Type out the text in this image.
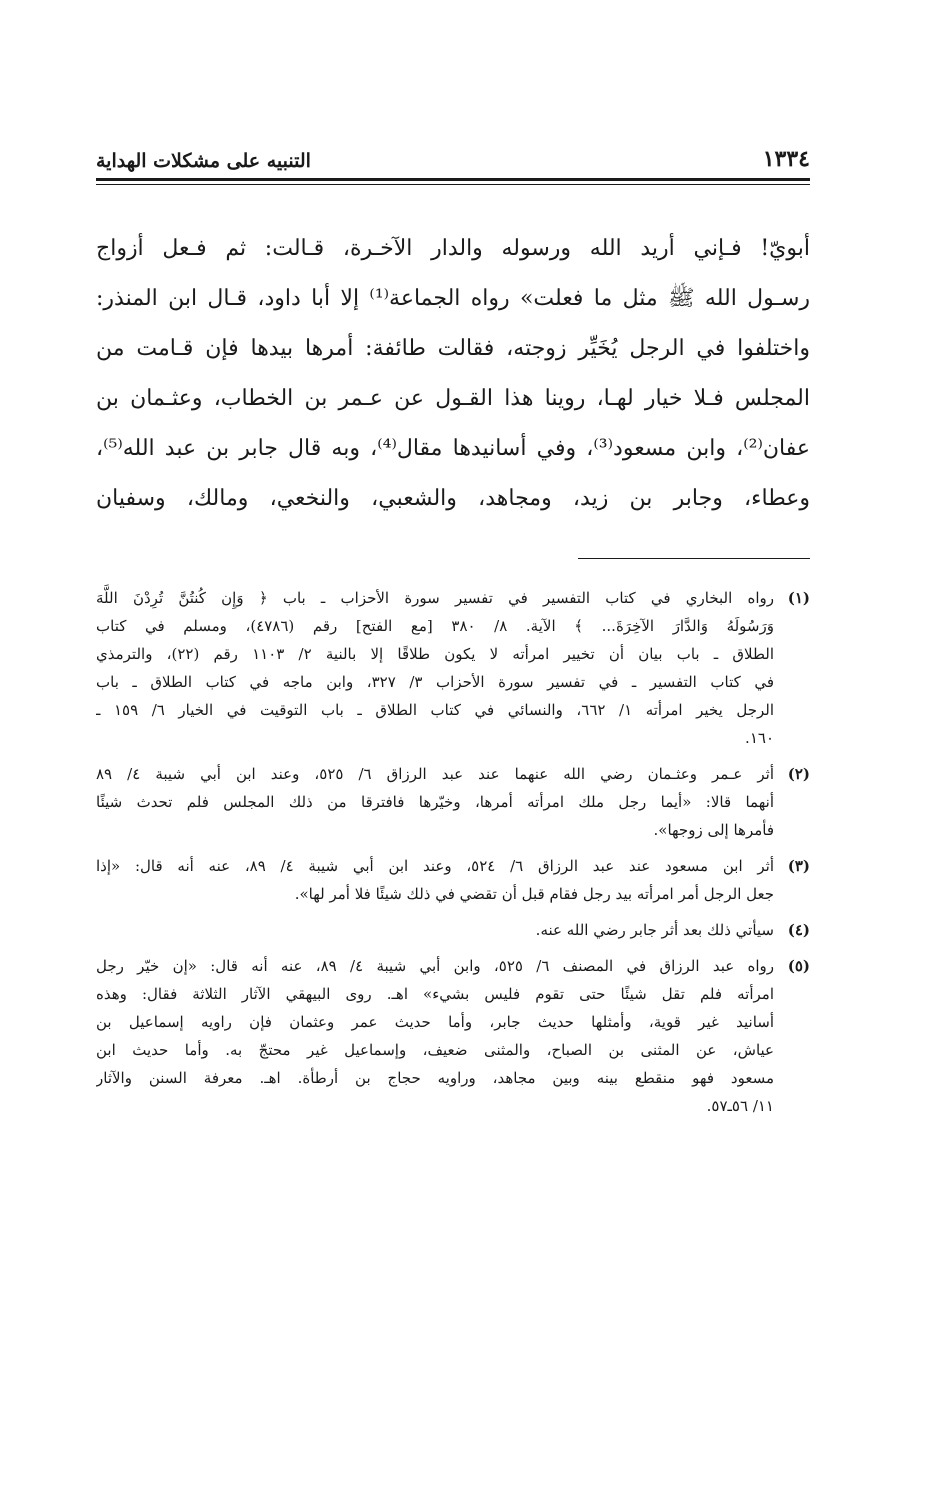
١٣٣٤
التنبيه على مشكلات الهداية
أبويّ! فـإني أريد الله ورسوله والدار الآخـرة، قـالت: ثم فـعل أزواج
رسـول الله ﷺ مثل ما فعلت» رواه الجماعة⁽¹⁾ إلا أبا داود، قـال ابن المنذر:
واختلفوا في الرجل يُخَيِّر زوجته، فقالت طائفة: أمرها بيدها فإن قـامت من
المجلس فـلا خيار لهـا، روينا هذا القـول عن عـمر بن الخطاب، وعثـمان بن
عفان⁽²⁾، وابن مسعود⁽³⁾، وفي أسانيدها مقال⁽⁴⁾، وبه قال جابر بن عبد الله⁽⁵⁾،
وعطاء، وجابر بن زيد، ومجاهد، والشعبي، والنخعي، ومالك، وسفيان
(١)
رواه البخاري في كتاب التفسير في تفسير سورة الأحزاب ـ باب ﴿ وَإِن كُنتُنَّ تُرِدْنَ اللَّهَ
وَرَسُولَهُ وَالدَّارَ الآخِرَةَ... ﴾ الآية. ٨/ ٣٨٠ [مع الفتح] رقم (٤٧٨٦)، ومسلم في كتاب
الطلاق ـ باب بيان أن تخيير امرأته لا يكون طلاقًا إلا بالنية ٢/ ١١٠٣ رقم (٢٢)، والترمذي
في كتاب التفسير ـ في تفسير سورة الأحزاب ٣/ ٣٢٧، وابن ماجه في كتاب الطلاق ـ باب
الرجل يخير امرأته ١/ ٦٦٢، والنسائي في كتاب الطلاق ـ باب التوقيت في الخيار ٦/ ١٥٩ ـ
١٦٠.
(٢)
أثر عـمر وعثـمان رضي الله عنهما عند عبد الرزاق ٦/ ٥٢٥، وعند ابن أبي شيبة ٤/ ٨٩
أنهما قالا: «أيما رجل ملك امرأته أمرها، وخيّرها فافترقا من ذلك المجلس فلم تحدث شيئًا
فأمرها إلى زوجها».
(٣)
أثر ابن مسعود عند عبد الرزاق ٦/ ٥٢٤، وعند ابن أبي شيبة ٤/ ٨٩، عنه أنه قال: «إذا
جعل الرجل أمر امرأته بيد رجل فقام قبل أن تقضي في ذلك شيئًا فلا أمر لها».
(٤)
سيأتي ذلك بعد أثر جابر رضي الله عنه.
(٥)
رواه عبد الرزاق في المصنف ٦/ ٥٢٥، وابن أبي شيبة ٤/ ٨٩، عنه أنه قال: «إن خيّر رجل
امرأته فلم تقل شيئًا حتى تقوم فليس بشيء» اهـ. روى البيهقي الآثار الثلاثة فقال: وهذه
أسانيد غير قوية، وأمثلها حديث جابر، وأما حديث عمر وعثمان فإن راويه إسماعيل بن
عياش، عن المثنى بن الصباح، والمثنى ضعيف، وإسماعيل غير محتجّ به. وأما حديث ابن
مسعود فهو منقطع بينه وبين مجاهد، وراويه حجاج بن أرطأة. اهـ. معرفة السنن والآثار
١١/ ٥٦ـ٥٧.
